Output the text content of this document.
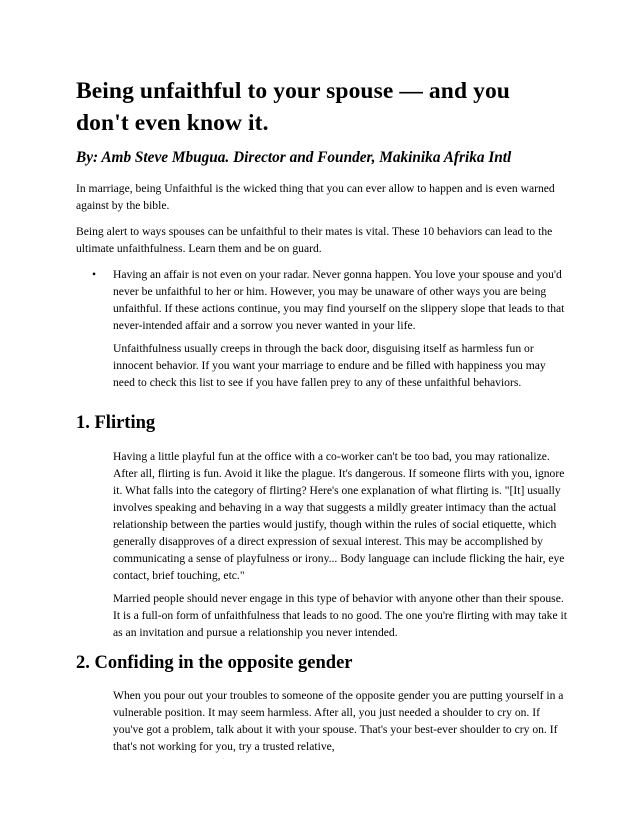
Being unfaithful to your spouse — and you don't even know it.

By: Amb Steve Mbugua. Director and Founder, Makinika Afrika Intl

In marriage, being Unfaithful is the wicked thing that you can ever allow to happen and is even warned against by the bible.

Being alert to ways spouses can be unfaithful to their mates is vital. These 10 behaviors can lead to the ultimate unfaithfulness. Learn them and be on guard.

• Having an affair is not even on your radar. Never gonna happen. You love your spouse and you'd never be unfaithful to her or him. However, you may be unaware of other ways you are being unfaithful. If these actions continue, you may find yourself on the slippery slope that leads to that never-intended affair and a sorrow you never wanted in your life.

Unfaithfulness usually creeps in through the back door, disguising itself as harmless fun or innocent behavior. If you want your marriage to endure and be filled with happiness you may need to check this list to see if you have fallen prey to any of these unfaithful behaviors.

1. Flirting

Having a little playful fun at the office with a co-worker can't be too bad, you may rationalize. After all, flirting is fun. Avoid it like the plague. It's dangerous. If someone flirts with you, ignore it. What falls into the category of flirting? Here's one explanation of what flirting is. "[It] usually involves speaking and behaving in a way that suggests a mildly greater intimacy than the actual relationship between the parties would justify, though within the rules of social etiquette, which generally disapproves of a direct expression of sexual interest. This may be accomplished by communicating a sense of playfulness or irony... Body language can include flicking the hair, eye contact, brief touching, etc."

Married people should never engage in this type of behavior with anyone other than their spouse. It is a full-on form of unfaithfulness that leads to no good. The one you're flirting with may take it as an invitation and pursue a relationship you never intended.

2. Confiding in the opposite gender

When you pour out your troubles to someone of the opposite gender you are putting yourself in a vulnerable position. It may seem harmless. After all, you just needed a shoulder to cry on. If you've got a problem, talk about it with your spouse. That's your best-ever shoulder to cry on. If that's not working for you, try a trusted relative,
